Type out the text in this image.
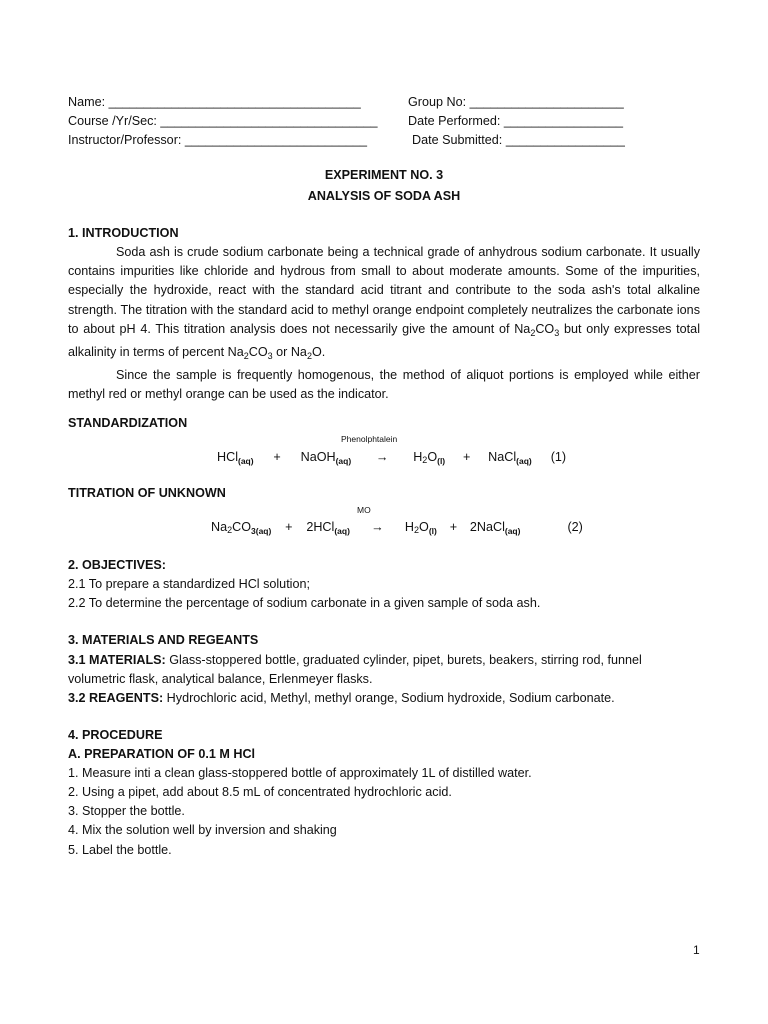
Name: ____________________________________
Course /Yr/Sec: _______________________________
Instructor/Professor: __________________________
Group No: ______________________
Date Performed: _________________
Date Submitted: _________________
EXPERIMENT NO. 3
ANALYSIS OF SODA ASH
1. INTRODUCTION

Soda ash is crude sodium carbonate being a technical grade of anhydrous sodium carbonate. It usually contains impurities like chloride and hydrous from small to about moderate amounts. Some of the impurities, especially the hydroxide, react with the standard acid titrant and contribute to the soda ash's total alkaline strength. The titration with the standard acid to methyl orange endpoint completely neutralizes the carbonate ions to about pH 4. This titration analysis does not necessarily give the amount of $Na_2CO_3$ but only expresses total alkalinity in terms of percent $Na_2CO_3$ or $Na_2O$.

Since the sample is frequently homogenous, the method of aliquot portions is employed while either methyl red or methyl orange can be used as the indicator.

STANDARDIZATION
Phenolphtalein
HCl$_{(aq)}$ + NaOH$_{(aq)}$ → $H2O_{(l)}$ + NaCl$_{(aq)}$ (1)
TITRATION OF UNKNOWN
MO
$Na2CO_{3(aq)} + 2HCl_{(aq)} \to H2O_{(l)}$ + 2NaCl$_{(aq)}$	(2)
2. OBJECTIVES:
2.1 To prepare a standardized HCl solution;
2.2 To determine the percentage of sodium carbonate in a given sample of soda ash.
3. MATERIALS AND REGEANTS
3.1 MATERIALS: Glass-stoppered bottle, graduated cylinder, pipet, burets, beakers, stirring rod, funnel volumetric flask, analytical balance, Erlenmeyer flasks.
3.2 REAGENTS: Hydrochloric acid, Methyl, methyl orange, Sodium hydroxide, Sodium carbonate.
4. PROCEDURE
A. PREPARATION OF 0.1 M HCl
1. Measure inti a clean glass-stoppered bottle of approximately 1L of distilled water.
2. Using a pipet, add about 8.5 mL of concentrated hydrochloric acid.
3. Stopper the bottle.
4. Mix the solution well by inversion and shaking
5. Label the bottle.
1
